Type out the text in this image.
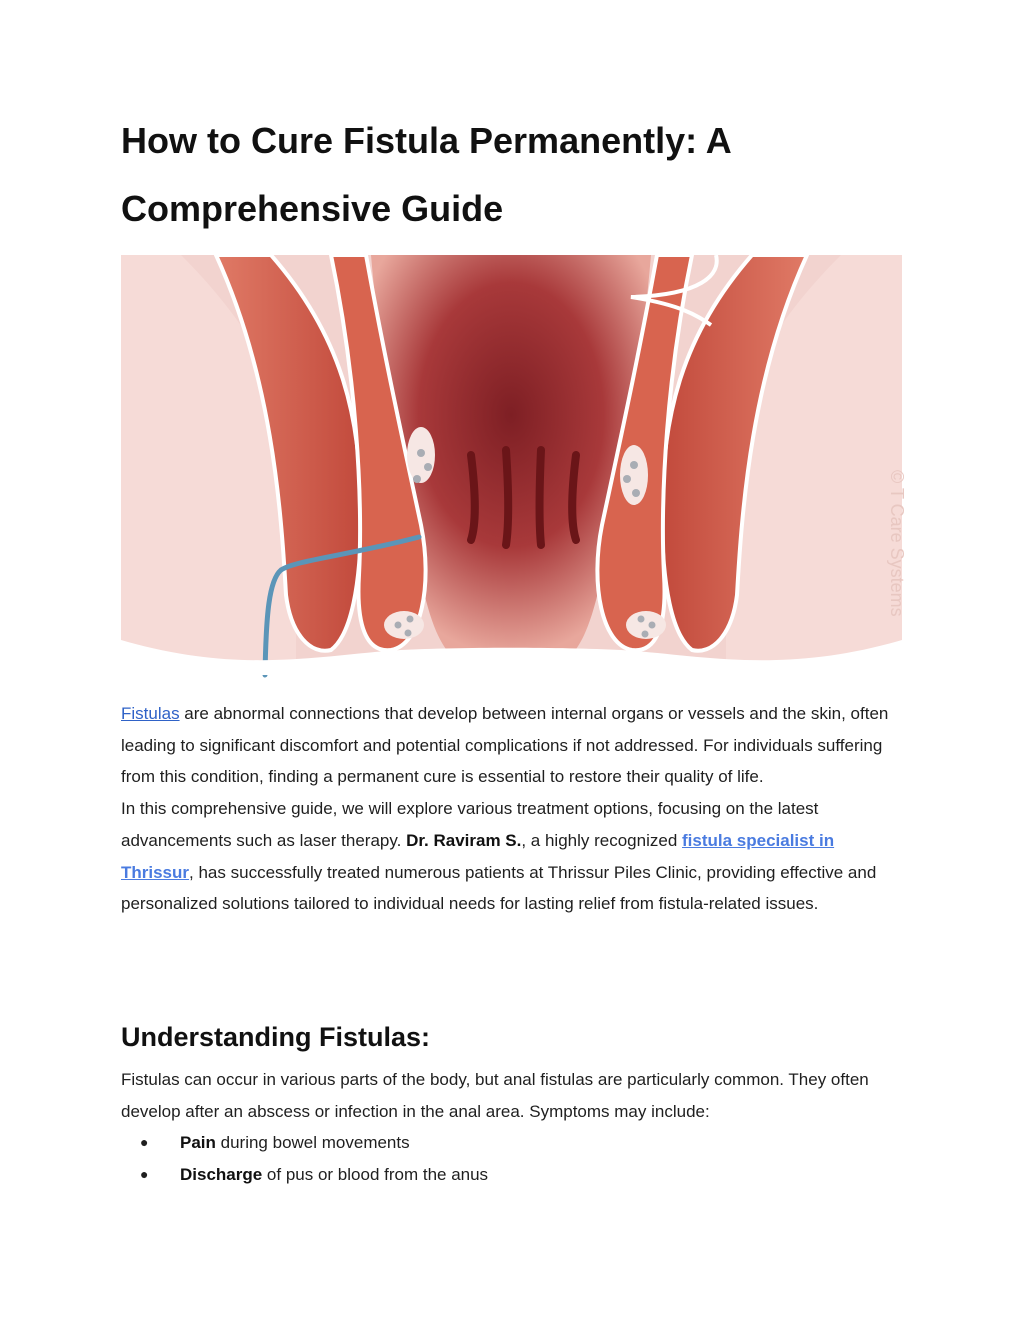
How to Cure Fistula Permanently: A Comprehensive Guide
© T Care Systems

Fistulas are abnormal connections that develop between internal organs or vessels and the skin, often leading to significant discomfort and potential complications if not addressed. For individuals suffering from this condition, finding a permanent cure is essential to restore their quality of life.

In this comprehensive guide, we will explore various treatment options, focusing on the latest advancements such as laser therapy. Dr. Raviram S., a highly recognized fistula specialist in Thrissur, has successfully treated numerous patients at Thrissur Piles Clinic, providing effective and personalized solutions tailored to individual needs for lasting relief from fistula-related issues.

Understanding Fistulas:

Fistulas can occur in various parts of the body, but anal fistulas are particularly common. They often develop after an abscess or infection in the anal area. Symptoms may include:

● Pain during bowel movements
● Discharge of pus or blood from the anus
